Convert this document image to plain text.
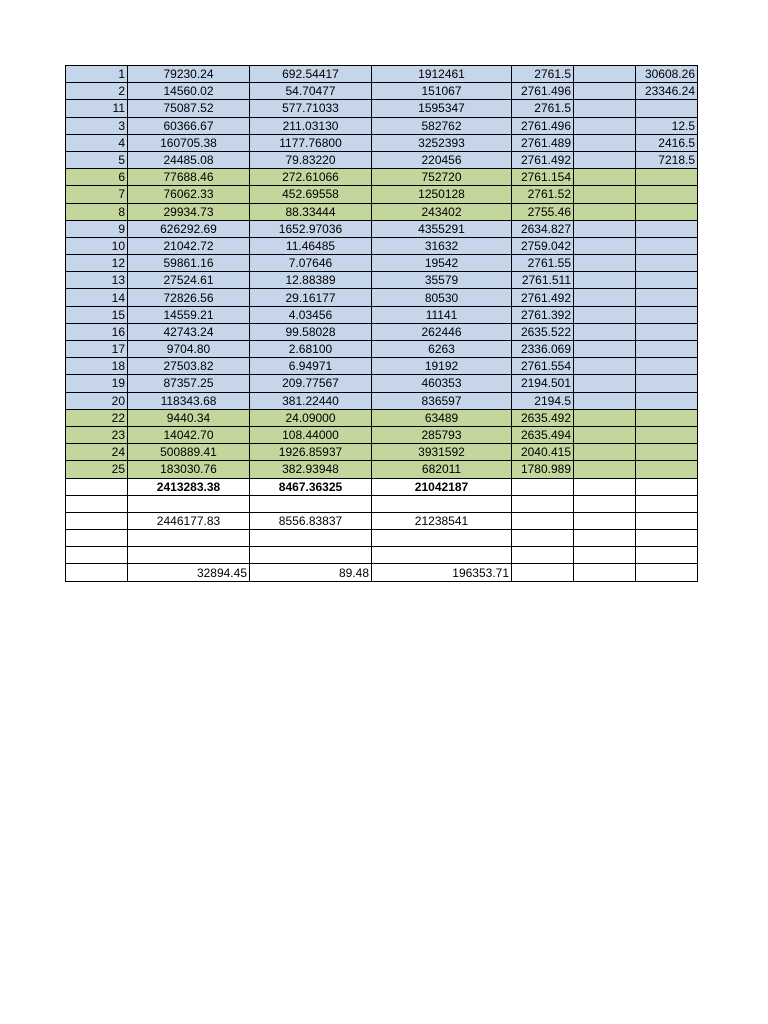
1	79230.24	692.54417	1912461	2761.5		30608.26
2	14560.02	54.70477	151067	2761.496		23346.24
11	75087.52	577.71033	1595347	2761.5		
3	60366.67	211.03130	582762	2761.496		12.5
4	160705.38	1177.76800	3252393	2761.489		2416.5
5	24485.08	79.83220	220456	2761.492		7218.5
6	77688.46	272.61066	752720	2761.154		
7	76062.33	452.69558	1250128	2761.52		
8	29934.73	88.33444	243402	2755.46		
9	626292.69	1652.97036	4355291	2634.827		
10	21042.72	11.46485	31632	2759.042		
12	59861.16	7.07646	19542	2761.55		
13	27524.61	12.88389	35579	2761.511		
14	72826.56	29.16177	80530	2761.492		
15	14559.21	4.03456	11141	2761.392		
16	42743.24	99.58028	262446	2635.522		
17	9704.80	2.68100	6263	2336.069		
18	27503.82	6.94971	19192	2761.554		
19	87357.25	209.77567	460353	2194.501		
20	118343.68	381.22440	836597	2194.5		
22	9440.34	24.09000	63489	2635.492		
23	14042.70	108.44000	285793	2635.494		
24	500889.41	1926.85937	3931592	2040.415		
25	183030.76	382.93948	682011	1780.989		
	2413283.38	8467.36325	21042187			

	2446177.83	8556.83837	21238541			

	32894.45	89.48	196353.71			
